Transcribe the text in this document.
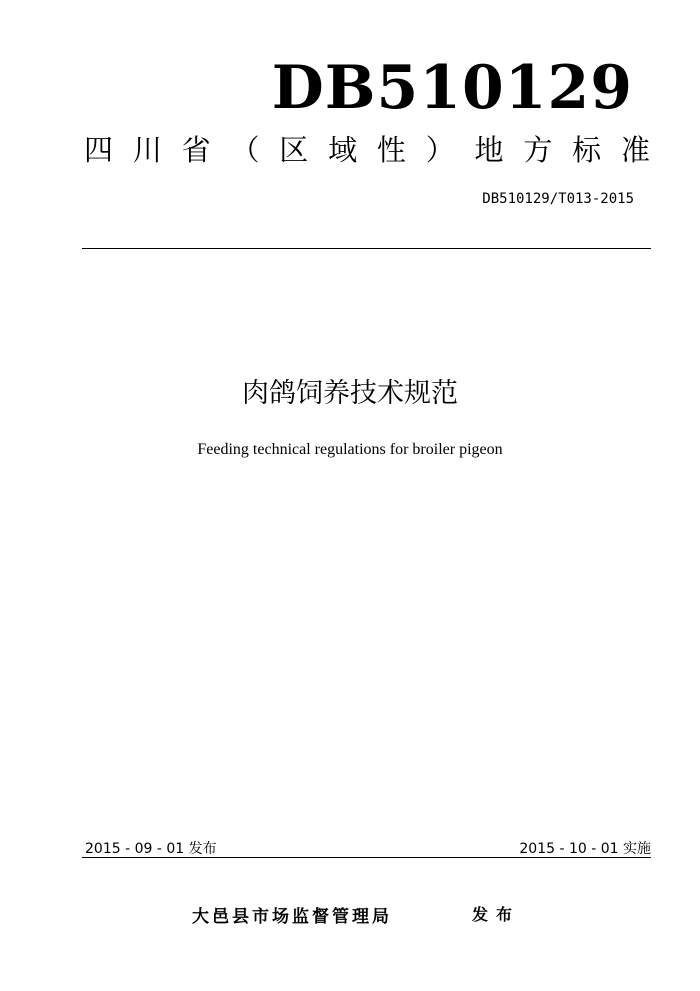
DB510129
四 川 省 （ 区 域 性 ） 地 方 标 准
DB510129/T013-2015
肉鸽饲养技术规范
Feeding technical regulations for broiler pigeon
2015 - 09 - 01 发布	2015 - 10 - 01 实施
大邑县市场监督管理局	发布
